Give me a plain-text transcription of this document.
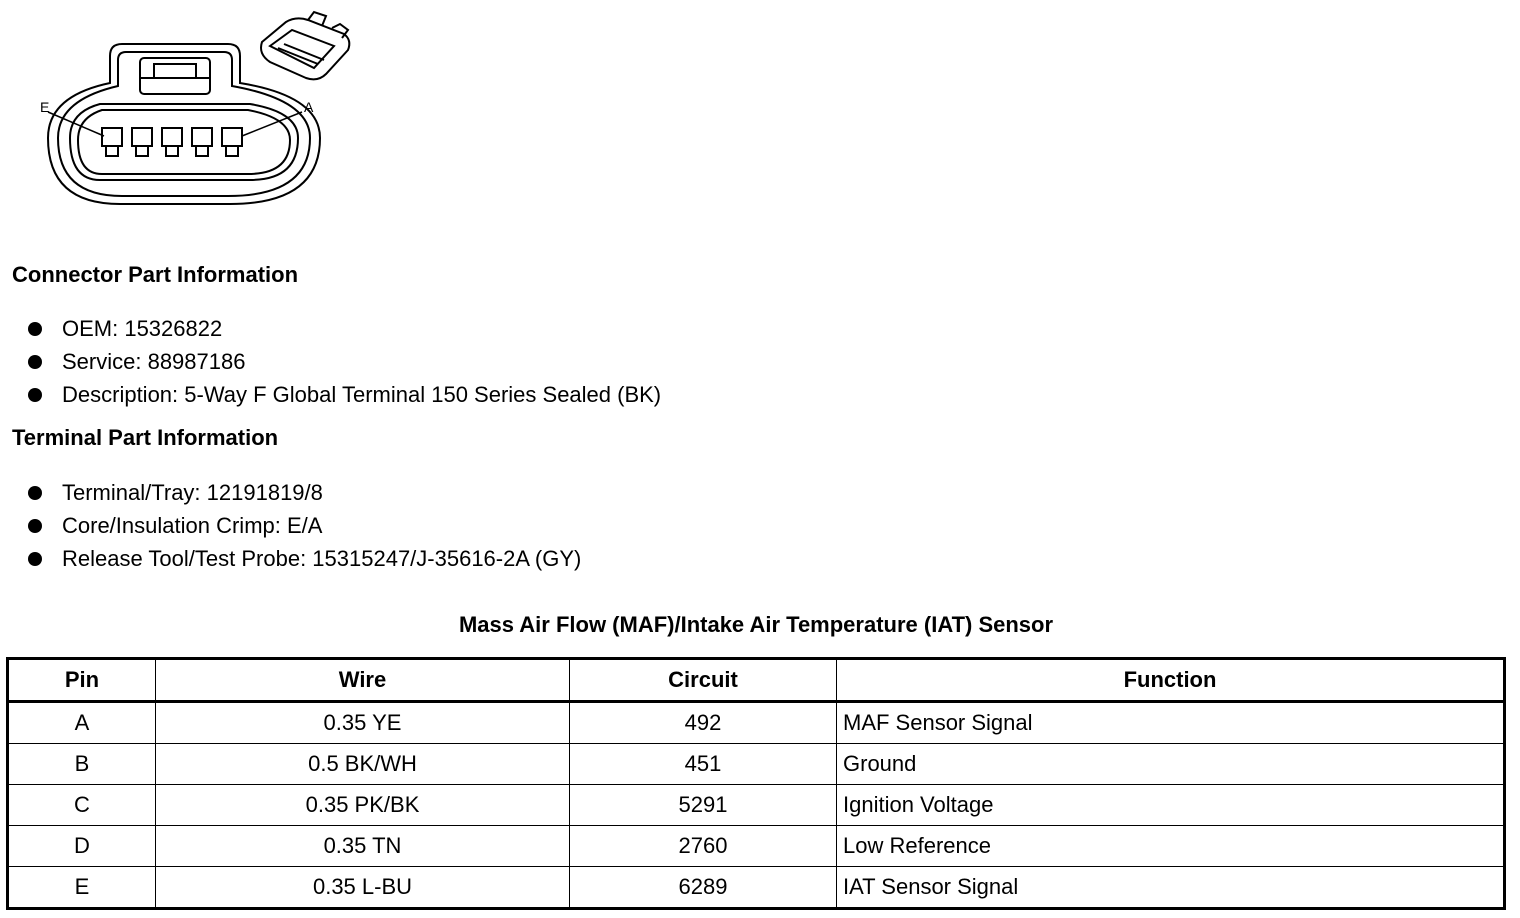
E	A
Connector Part Information
OEM: 15326822
Service: 88987186
Description: 5-Way F Global Terminal 150 Series Sealed (BK)
Terminal Part Information
Terminal/Tray: 12191819/8
Core/Insulation Crimp: E/A
Release Tool/Test Probe: 15315247/J-35616-2A (GY)
Mass Air Flow (MAF)/Intake Air Temperature (IAT) Sensor
Pin	Wire	Circuit	Function
A	0.35 YE	492	MAF Sensor Signal
B	0.5 BK/WH	451	Ground
C	0.35 PK/BK	5291	Ignition Voltage
D	0.35 TN	2760	Low Reference
E	0.35 L-BU	6289	IAT Sensor Signal
